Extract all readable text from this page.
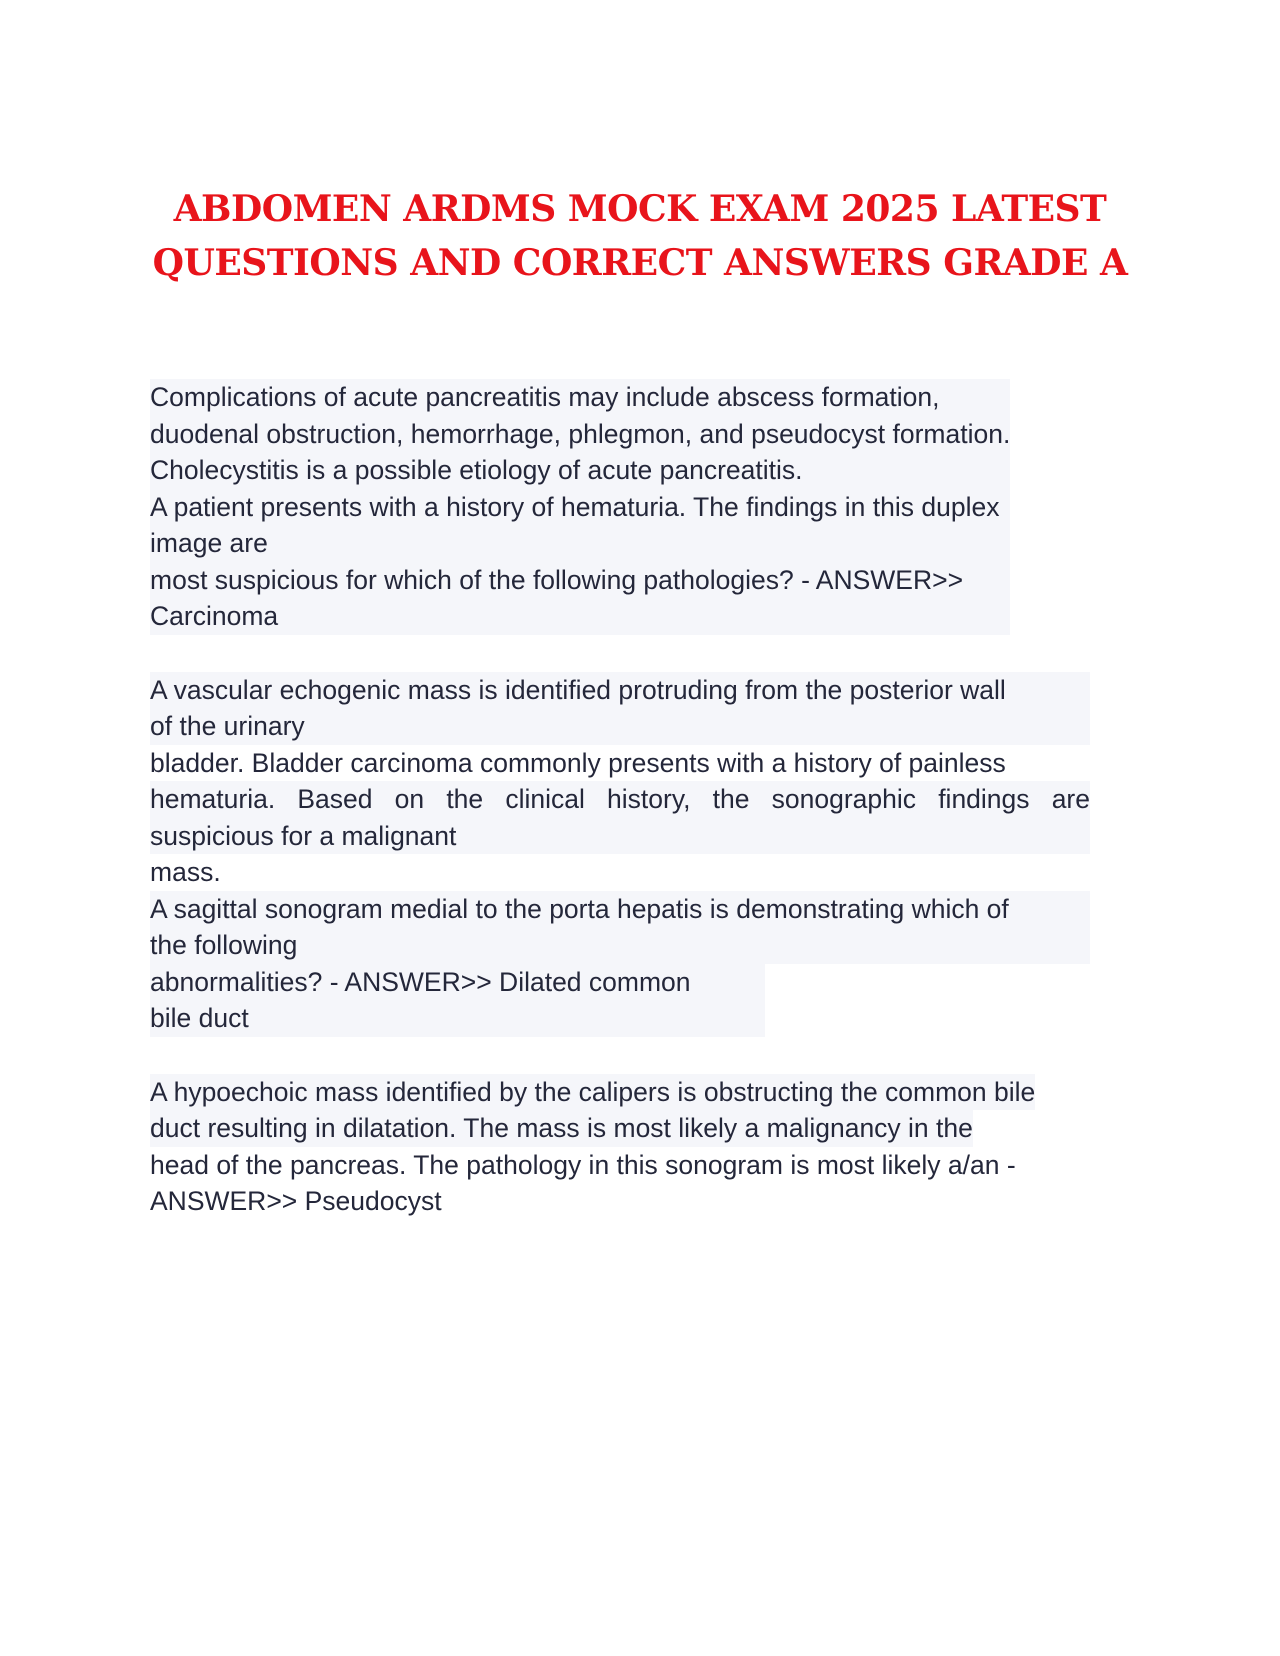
ABDOMEN ARDMS MOCK EXAM 2025 LATEST
QUESTIONS AND CORRECT ANSWERS GRADE A
Complications of acute pancreatitis may include abscess formation,
duodenal obstruction, hemorrhage, phlegmon, and pseudocyst formation.
Cholecystitis is a possible etiology of acute pancreatitis.
A patient presents with a history of hematuria. The findings in this duplex
image are
most suspicious for which of the following pathologies? - ANSWER>>
Carcinoma
A vascular echogenic mass is identified protruding from the posterior wall
of the urinary
bladder. Bladder carcinoma commonly presents with a history of painless
hematuria. Based on the clinical history, the sonographic findings are
suspicious for a malignant
mass.
A sagittal sonogram medial to the porta hepatis is demonstrating which of
the following
abnormalities? - ANSWER>> Dilated common
bile duct
A hypoechoic mass identified by the calipers is obstructing the common bile
duct resulting in dilatation. The mass is most likely a malignancy in the
head of the pancreas. The pathology in this sonogram is most likely a/an -
ANSWER>> Pseudocyst
